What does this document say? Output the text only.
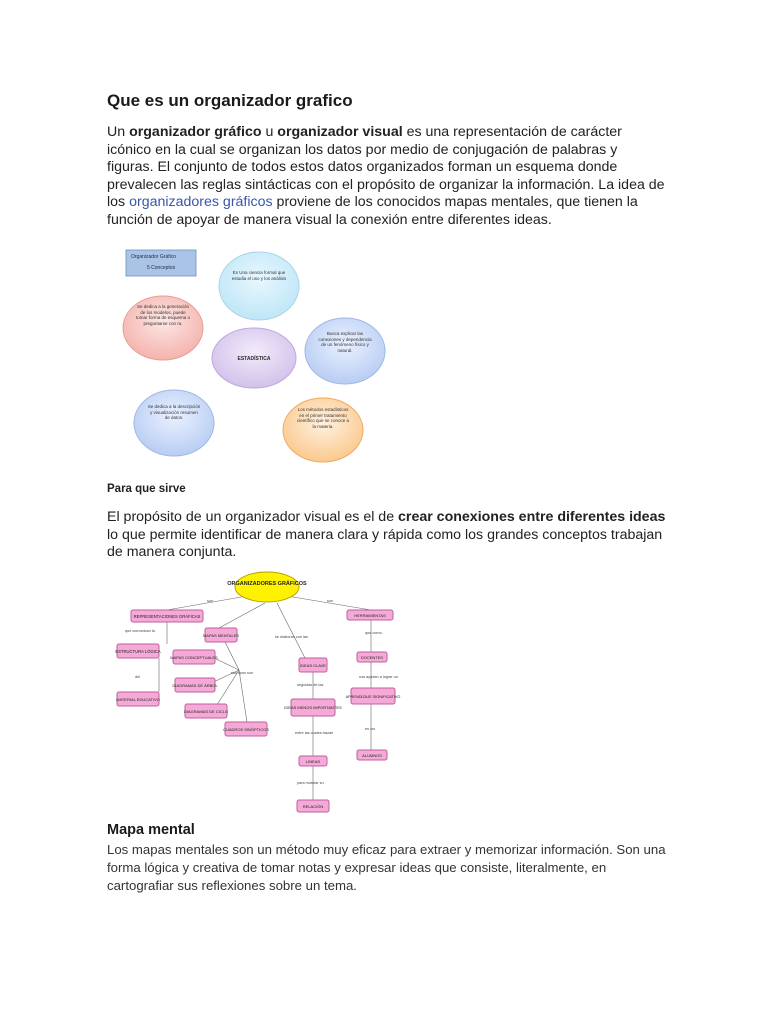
Que es un organizador grafico

Un organizador gráfico u organizador visual es una representación de carácter icónico en la cual se organizan los datos por medio de conjugación de palabras y figuras. El conjunto de todos estos datos organizados forman un esquema donde prevalecen las reglas sintácticas con el propósito de organizar la información. La idea de los organizadores gráficos proviene de los conocidos mapas mentales, que tienen la función de apoyar de manera visual la conexión entre diferentes ideas.

Organizador Gráfico
5 Conceptos
Es Una ciencia formal que estudia el uso y los análisis
Se dedica a la generación de los modelos, puede tomar forma de esquema o preguntarse con ra.
ESTADÍSTICA
Busca explicar las conexiones y dependencia de un fenómeno físico y natural.
Se dedica a la descripción y visualización resumen de datos.
Los métodos estadísticos en el primer tratamiento científico que se conoce a la materia.

Para que sirve

El propósito de un organizador visual es el de crear conexiones entre diferentes ideas lo que permite identificar de manera clara y rápida como los grandes conceptos trabajan de manera conjunta.

ORGANIZADORES GRÁFICOS
son	son
se elaboran con las
REPRESENTACIONES GRÁFICAS
que comunican la
ESTRUCTURA LÓGICA
del
MATERIAL EDUCATIVO
MAPAS MENTALES
MAPAS CONCEPTUALES
sus tipos son
DIAGRAMAS DE ÁRBOL
DIAGRAMAS DE CICLO
CUADROS SINÓPTICOS
IDEAS CLAVE
seguidas de las
IDEAS MENOS IMPORTANTES
entre las cuales trazan
LINEAS
para mostrar su
RELACIÓN
HERRAMIENTAS
que como
DOCENTES
nos ayudan a lograr un
APRENDIZAJE SIGNIFICATIVO
en los
ALUMNOS

Mapa mental

Los mapas mentales son un método muy eficaz para extraer y memorizar información. Son una forma lógica y creativa de tomar notas y expresar ideas que consiste, literalmente, en cartografiar sus reflexiones sobre un tema.
